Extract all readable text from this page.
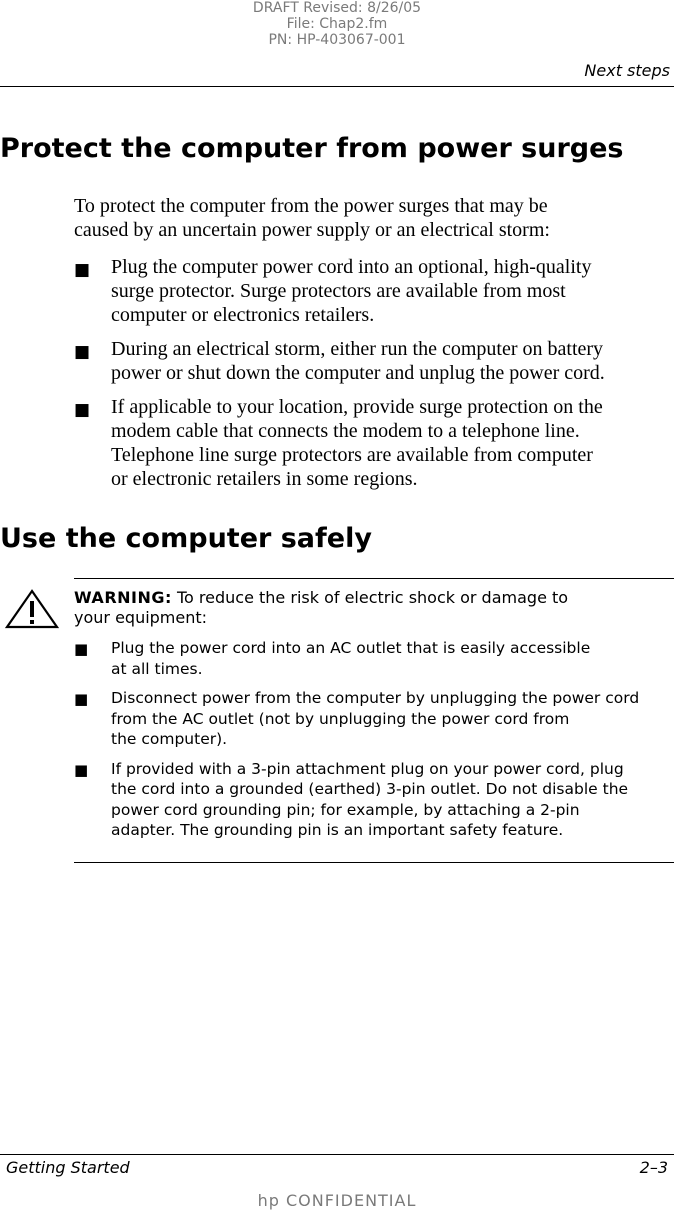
DRAFT Revised: 8/26/05
File: Chap2.fm
PN: HP-403067-001
Next steps
Protect the computer from power surges
To protect the computer from the power surges that may be
caused by an uncertain power supply or an electrical storm:
■ Plug the computer power cord into an optional, high-quality
surge protector. Surge protectors are available from most
computer or electronics retailers.
■ During an electrical storm, either run the computer on battery
power or shut down the computer and unplug the power cord.
■ If applicable to your location, provide surge protection on the
modem cable that connects the modem to a telephone line.
Telephone line surge protectors are available from computer
or electronic retailers in some regions.
Use the computer safely
WARNING: To reduce the risk of electric shock or damage to
your equipment:
■ Plug the power cord into an AC outlet that is easily accessible
at all times.
■ Disconnect power from the computer by unplugging the power cord
from the AC outlet (not by unplugging the power cord from
the computer).
■ If provided with a 3-pin attachment plug on your power cord, plug
the cord into a grounded (earthed) 3-pin outlet. Do not disable the
power cord grounding pin; for example, by attaching a 2-pin
adapter. The grounding pin is an important safety feature.
Getting Started	2–3
hp CONFIDENTIAL
